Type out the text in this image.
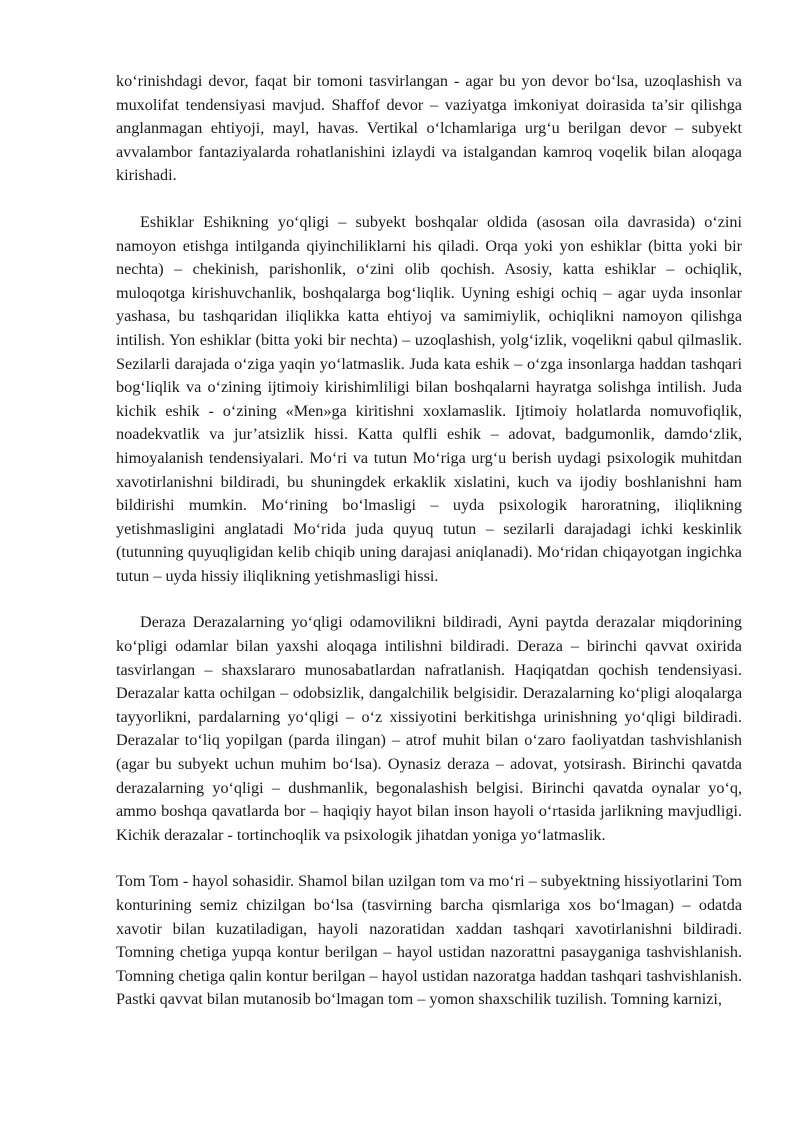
ko‘rinishdagi devor, faqat bir tomoni tasvirlangan - agar bu yon devor bo‘lsa, uzoqlashish va muxolifat tendensiyasi mavjud. Shaffof devor – vaziyatga imkoniyat doirasida ta’sir qilishga anglanmagan ehtiyoji, mayl, havas. Vertikal o‘lchamlariga urg‘u berilgan devor – subyekt avvalambor fantaziyalarda rohatlanishini izlaydi va istalgandan kamroq voqelik bilan aloqaga kirishadi.

Eshiklar Eshikning yo‘qligi – subyekt boshqalar oldida (asosan oila davrasida) o‘zini namoyon etishga intilganda qiyinchiliklarni his qiladi. Orqa yoki yon eshiklar (bitta yoki bir nechta) – chekinish, parishonlik, o‘zini olib qochish. Asosiy, katta eshiklar – ochiqlik, muloqotga kirishuvchanlik, boshqalarga bog‘liqlik. Uyning eshigi ochiq – agar uyda insonlar yashasa, bu tashqaridan iliqlikka katta ehtiyoj va samimiylik, ochiqlikni namoyon qilishga intilish. Yon eshiklar (bitta yoki bir nechta) – uzoqlashish, yolg‘izlik, voqelikni qabul qilmaslik. Sezilarli darajada o‘ziga yaqin yo‘latmaslik. Juda kata eshik – o‘zga insonlarga haddan tashqari bog‘liqlik va o‘zining ijtimoiy kirishimliligi bilan boshqalarni hayratga solishga intilish. Juda kichik eshik - o‘zining «Men»ga kiritishni xoxlamaslik. Ijtimoiy holatlarda nomuvofiqlik, noadekvatlik va jur’atsizlik hissi. Katta qulfli eshik – adovat, badgumonlik, damdo‘zlik, himoyalanish tendensiyalari. Mo‘ri va tutun Mo‘riga urg‘u berish uydagi psixologik muhitdan xavotirlanishni bildiradi, bu shuningdek erkaklik xislatini, kuch va ijodiy boshlanishni ham bildirishi mumkin. Mo‘rining bo‘lmasligi – uyda psixologik haroratning, iliqlikning yetishmasligini anglatadi Mo‘rida juda quyuq tutun – sezilarli darajadagi ichki keskinlik (tutunning quyuqligidan kelib chiqib uning darajasi aniqlanadi). Mo‘ridan chiqayotgan ingichka tutun – uyda hissiy iliqlikning yetishmasligi hissi.

Deraza Derazalarning yo‘qligi odamovilikni bildiradi, Ayni paytda derazalar miqdorining ko‘pligi odamlar bilan yaxshi aloqaga intilishni bildiradi. Deraza – birinchi qavvat oxirida tasvirlangan – shaxslararo munosabatlardan nafratlanish. Haqiqatdan qochish tendensiyasi. Derazalar katta ochilgan – odobsizlik, dangalchilik belgisidir. Derazalarning ko‘pligi aloqalarga tayyorlikni, pardalarning yo‘qligi – o‘z xissiyotini berkitishga urinishning yo‘qligi bildiradi. Derazalar to‘liq yopilgan (parda ilingan) – atrof muhit bilan o‘zaro faoliyatdan tashvishlanish (agar bu subyekt uchun muhim bo‘lsa). Oynasiz deraza – adovat, yotsirash. Birinchi qavatda derazalarning yo‘qligi – dushmanlik, begonalashish belgisi. Birinchi qavatda oynalar yo‘q, ammo boshqa qavatlarda bor – haqiqiy hayot bilan inson hayoli o‘rtasida jarlikning mavjudligi. Kichik derazalar - tortinchoqlik va psixologik jihatdan yoniga yo‘latmaslik.

Tom Tom - hayol sohasidir. Shamol bilan uzilgan tom va mo‘ri – subyektning hissiyotlarini Tom konturining semiz chizilgan bo‘lsa (tasvirning barcha qismlariga xos bo‘lmagan) – odatda xavotir bilan kuzatiladigan, hayoli nazoratidan xaddan tashqari xavotirlanishni bildiradi. Tomning chetiga yupqa kontur berilgan – hayol ustidan nazorattni pasayganiga tashvishlanish. Tomning chetiga qalin kontur berilgan – hayol ustidan nazoratga haddan tashqari tashvishlanish. Pastki qavvat bilan mutanosib bo‘lmagan tom – yomon shaxschilik tuzilish. Tomning karnizi,
